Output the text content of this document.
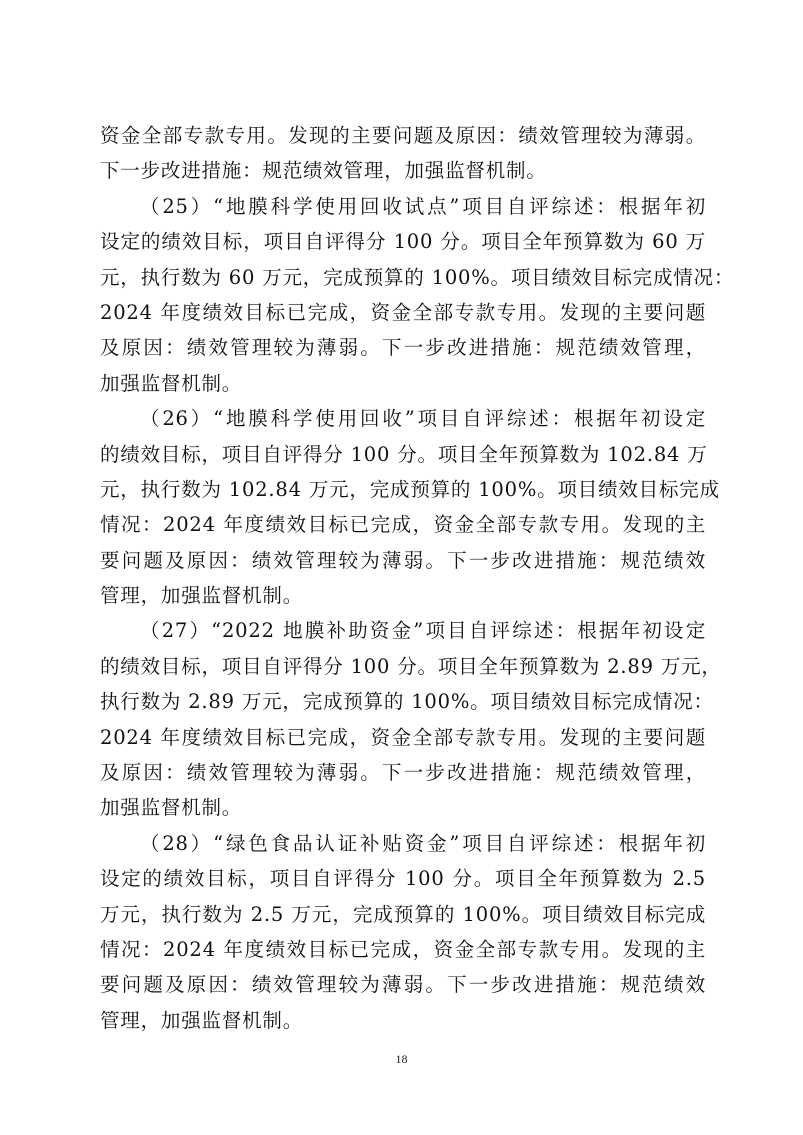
资金全部专款专用。发现的主要问题及原因：绩效管理较为薄弱。
下一步改进措施：规范绩效管理，加强监督机制。
（25）“地膜科学使用回收试点”项目自评综述：根据年初
设定的绩效目标，项目自评得分 100 分。项目全年预算数为 60 万
元，执行数为 60 万元，完成预算的 100%。项目绩效目标完成情况：
2024 年度绩效目标已完成，资金全部专款专用。发现的主要问题
及原因：绩效管理较为薄弱。下一步改进措施：规范绩效管理，
加强监督机制。
（26）“地膜科学使用回收”项目自评综述：根据年初设定
的绩效目标，项目自评得分 100 分。项目全年预算数为 102.84 万
元，执行数为 102.84 万元，完成预算的 100%。项目绩效目标完成
情况：2024 年度绩效目标已完成，资金全部专款专用。发现的主
要问题及原因：绩效管理较为薄弱。下一步改进措施：规范绩效
管理，加强监督机制。
（27）“2022 地膜补助资金”项目自评综述：根据年初设定
的绩效目标，项目自评得分 100 分。项目全年预算数为 2.89 万元，
执行数为 2.89 万元，完成预算的 100%。项目绩效目标完成情况：
2024 年度绩效目标已完成，资金全部专款专用。发现的主要问题
及原因：绩效管理较为薄弱。下一步改进措施：规范绩效管理，
加强监督机制。
（28）“绿色食品认证补贴资金”项目自评综述：根据年初
设定的绩效目标，项目自评得分 100 分。项目全年预算数为 2.5
万元，执行数为 2.5 万元，完成预算的 100%。项目绩效目标完成
情况：2024 年度绩效目标已完成，资金全部专款专用。发现的主
要问题及原因：绩效管理较为薄弱。下一步改进措施：规范绩效
管理，加强监督机制。
18
